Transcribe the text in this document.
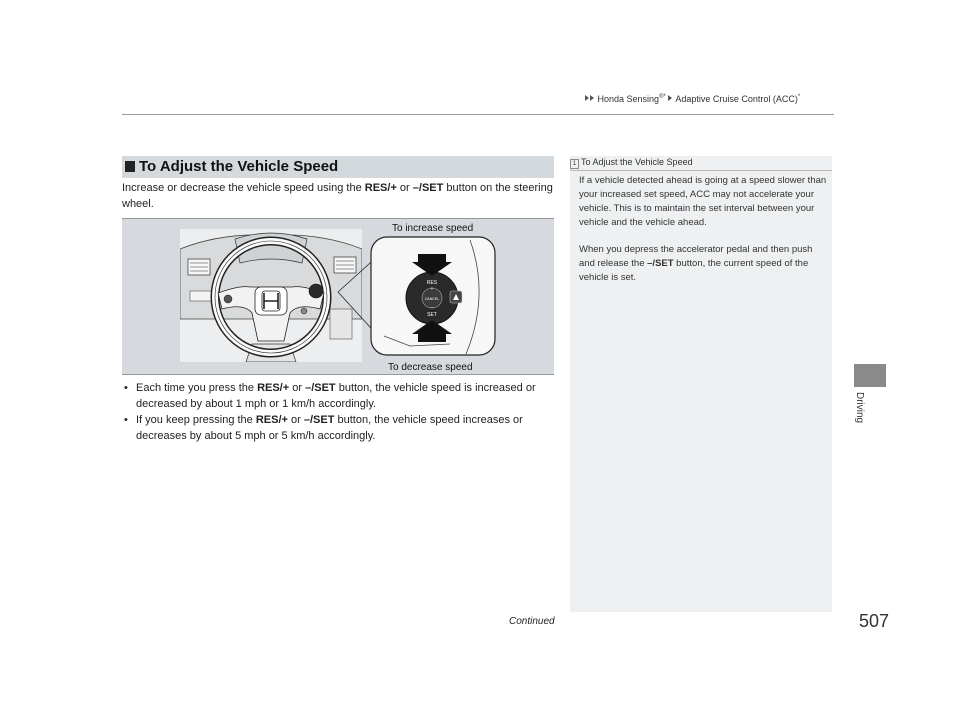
Honda Sensing®* Adaptive Cruise Control (ACC)*
Driving
To Adjust the Vehicle Speed
Increase or decrease the vehicle speed using the RES/+ or –/SET button on the steering wheel.
RES
+
CANCEL
–
SET
To increase speed
To decrease speed
• Each time you press the RES/+ or –/SET button, the vehicle speed is increased or decreased by about 1 mph or 1 km/h accordingly.
• If you keep pressing the RES/+ or –/SET button, the vehicle speed increases or decreases by about 5 mph or 5 km/h accordingly.
1 To Adjust the Vehicle Speed
If a vehicle detected ahead is going at a speed slower than your increased set speed, ACC may not accelerate your vehicle. This is to maintain the set interval between your vehicle and the vehicle ahead.
When you depress the accelerator pedal and then push and release the –/SET button, the current speed of the vehicle is set.
Continued	507
